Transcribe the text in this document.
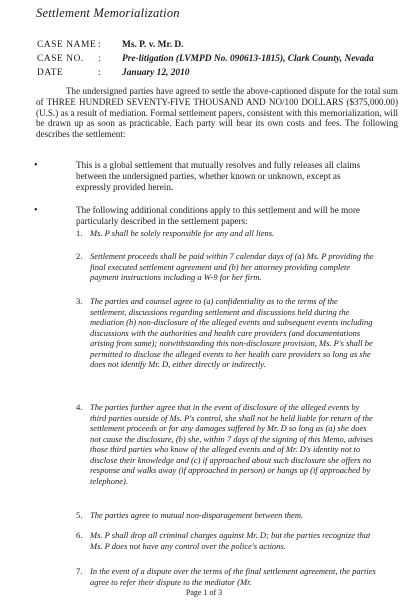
Settlement Memorialization
CASE NAME :	Ms. P. v. Mr. D.
CASE NO.	:	Pre-litigation (LVMPD No. 090613-1815), Clark County, Nevada
DATE	:	January 12, 2010

The undersigned parties have agreed to settle the above-captioned dispute for the total sum of THREE HUNDRED SEVENTY-FIVE THOUSAND AND NO/100 DOLLARS ($375,000.00) (U.S.) as a result of mediation. Formal settlement papers, consistent with this memorialization, will be drawn up as soon as practicable. Each party will bear its own costs and fees. The following describes the settlement:

•	This is a global settlement that mutually resolves and fully releases all claims between the undersigned parties, whether known or unknown, except as expressly provided herein.

•	The following additional conditions apply to this settlement and will be more particularly described in the settlement papers:

1. Ms. P shall be solely responsible for any and all liens.

2. Settlement proceeds shall be paid within 7 calendar days of (a) Ms. P providing the final executed settlement agreement and (b) her attorney providing complete payment instructions including a W-9 for her firm.

3. The parties and counsel agree to (a) confidentiality as to the terms of the settlement, discussions regarding settlement and discussions held during the mediation (b) non-disclosure of the alleged events and subsequent events including discussions with the authorities and health care providers (and documentations arising from same); notwithstanding this non-disclosure provision, Ms. P's shall be permitted to disclose the alleged events to her health care providers so long as she does not identify Mr. D, either directly or indirectly.

4. The parties further agree that in the event of disclosure of the alleged events by third parties outside of Ms. P's control, she shall not be held liable for return of the settlement proceeds or for any damages suffered by Mr. D so long as (a) she does not cause the disclosure, (b) she, within 7 days of the signing of this Memo, advises those third parties who know of the alleged events and of Mr. D's identity not to disclose their knowledge and (c) if approached about such disclosure she offers no response and walks away (if approached in person) or hangs up (if approached by telephone).

5. The parties agree to mutual non-disparagement between them.

6. Ms. P shall drop all criminal charges against Mr. D; but the parties recognize that Ms. P does not have any control over the police's actions.

7. In the event of a dispute over the terms of the final settlement agreement, the parties agree to refer their dispute to the mediator (Mr.

Page 1 of 3
